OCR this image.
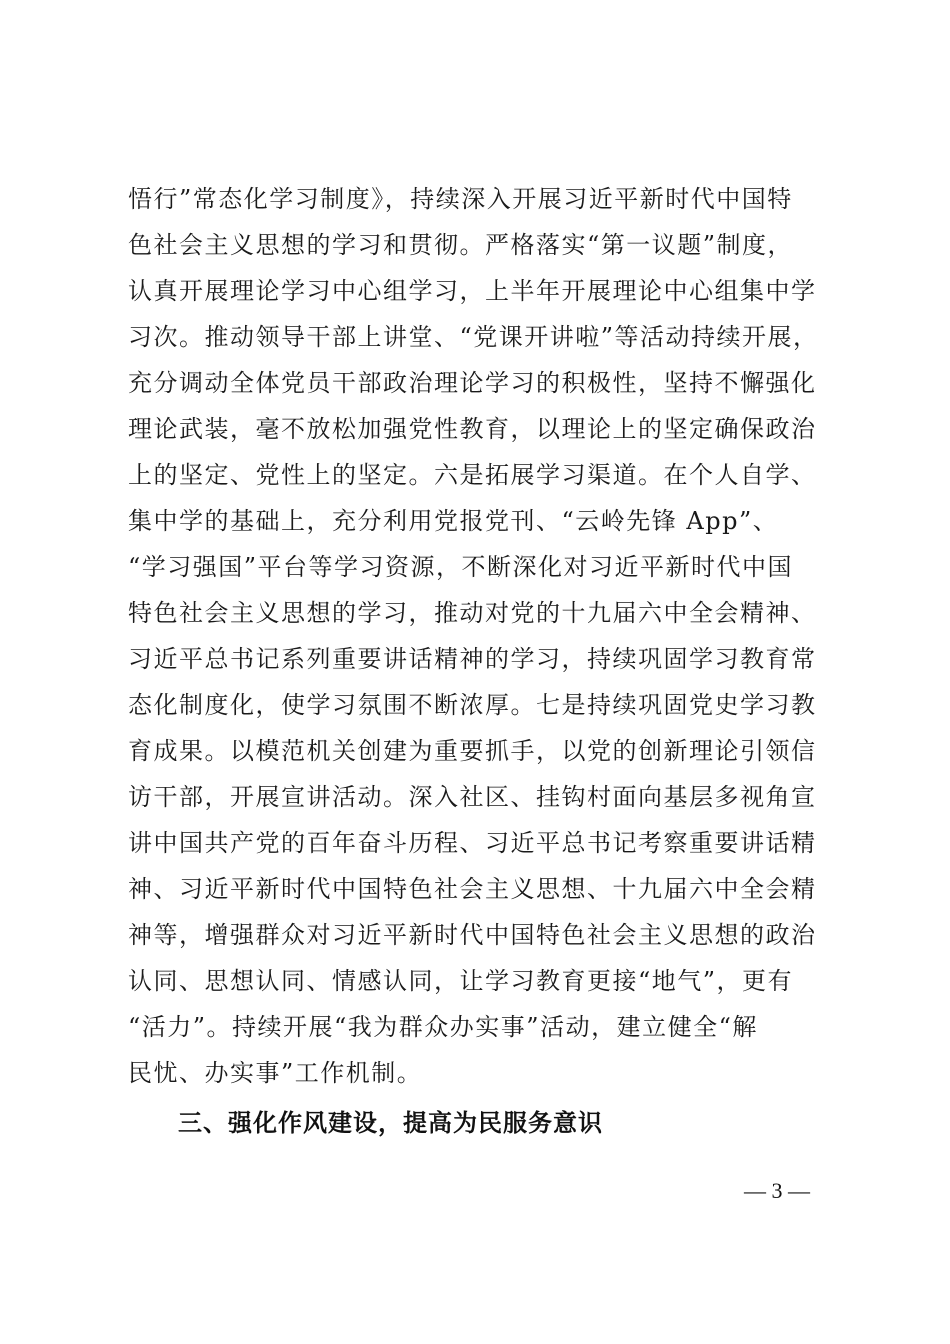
悟行”常态化学习制度》，持续深入开展习近平新时代中国特
色社会主义思想的学习和贯彻。严格落实“第一议题”制度，
认真开展理论学习中心组学习，上半年开展理论中心组集中学
习次。推动领导干部上讲堂、“党课开讲啦”等活动持续开展，
充分调动全体党员干部政治理论学习的积极性，坚持不懈强化
理论武装，毫不放松加强党性教育，以理论上的坚定确保政治
上的坚定、党性上的坚定。六是拓展学习渠道。在个人自学、
集中学的基础上，充分利用党报党刊、“云岭先锋 App”、
“学习强国”平台等学习资源，不断深化对习近平新时代中国
特色社会主义思想的学习，推动对党的十九届六中全会精神、
习近平总书记系列重要讲话精神的学习，持续巩固学习教育常
态化制度化，使学习氛围不断浓厚。七是持续巩固党史学习教
育成果。以模范机关创建为重要抓手，以党的创新理论引领信
访干部，开展宣讲活动。深入社区、挂钩村面向基层多视角宣
讲中国共产党的百年奋斗历程、习近平总书记考察重要讲话精
神、习近平新时代中国特色社会主义思想、十九届六中全会精
神等，增强群众对习近平新时代中国特色社会主义思想的政治
认同、思想认同、情感认同，让学习教育更接“地气”，更有
“活力”。持续开展“我为群众办实事”活动，建立健全“解
民忧、办实事”工作机制。
三、强化作风建设，提高为民服务意识
— 3 —
